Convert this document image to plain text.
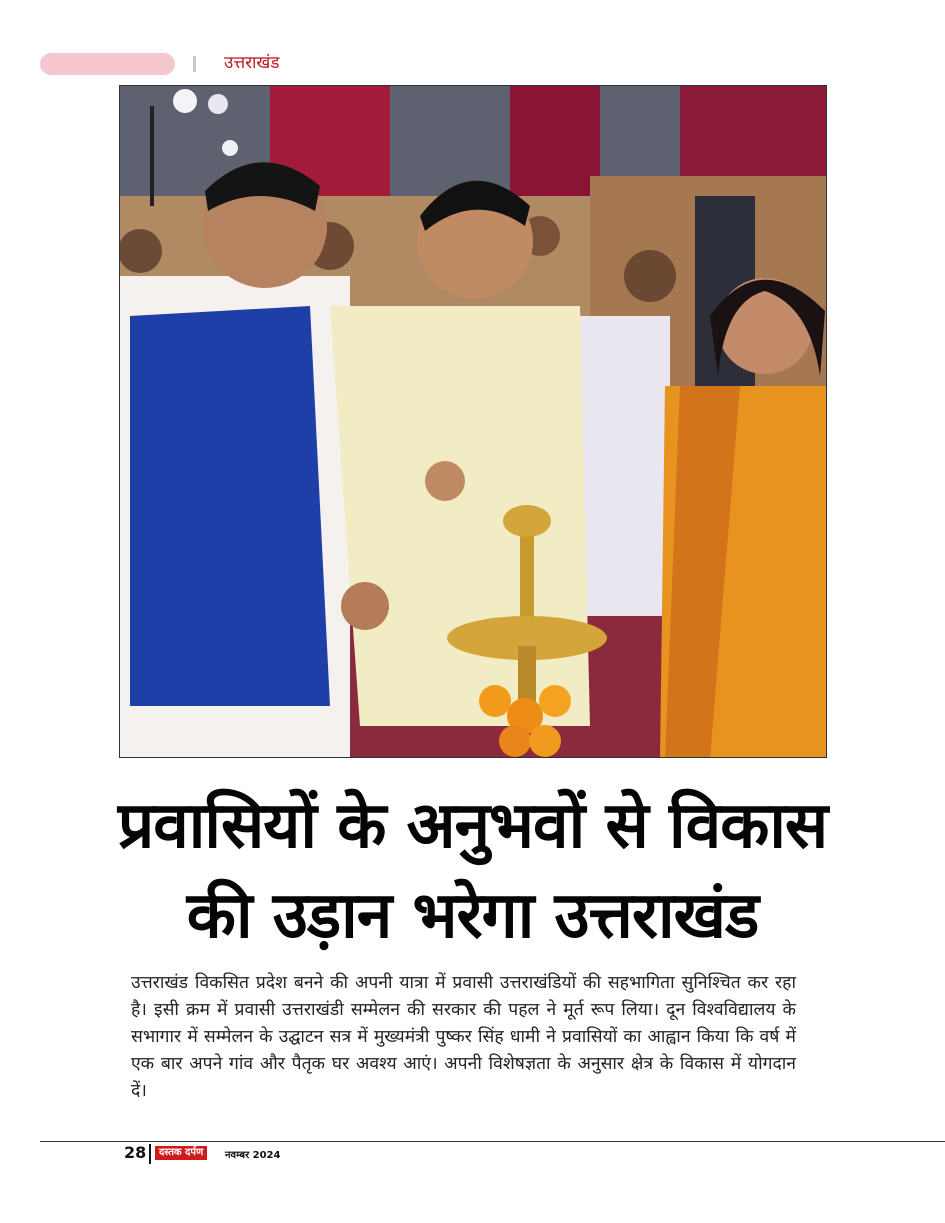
उत्तराखंड
प्रवासियों के अनुभवों से विकास
की उड़ान भरेगा उत्तराखंड
उत्तराखंड विकसित प्रदेश बनने की अपनी यात्रा में प्रवासी उत्तराखंडियों की सहभागिता सुनिश्चित कर रहा है। इसी क्रम में प्रवासी उत्तराखंडी सम्मेलन की सरकार की पहल ने मूर्त रूप लिया। दून विश्वविद्यालय के सभागार में सम्मेलन के उद्घाटन सत्र में मुख्यमंत्री पुष्कर सिंह धामी ने प्रवासियों का आह्वान किया कि वर्ष में एक बार अपने गांव और पैतृक घर अवश्य आएं। अपनी विशेषज्ञता के अनुसार क्षेत्र के विकास में योगदान दें।
28	दस्तक दर्पण	नवम्बर 2024
